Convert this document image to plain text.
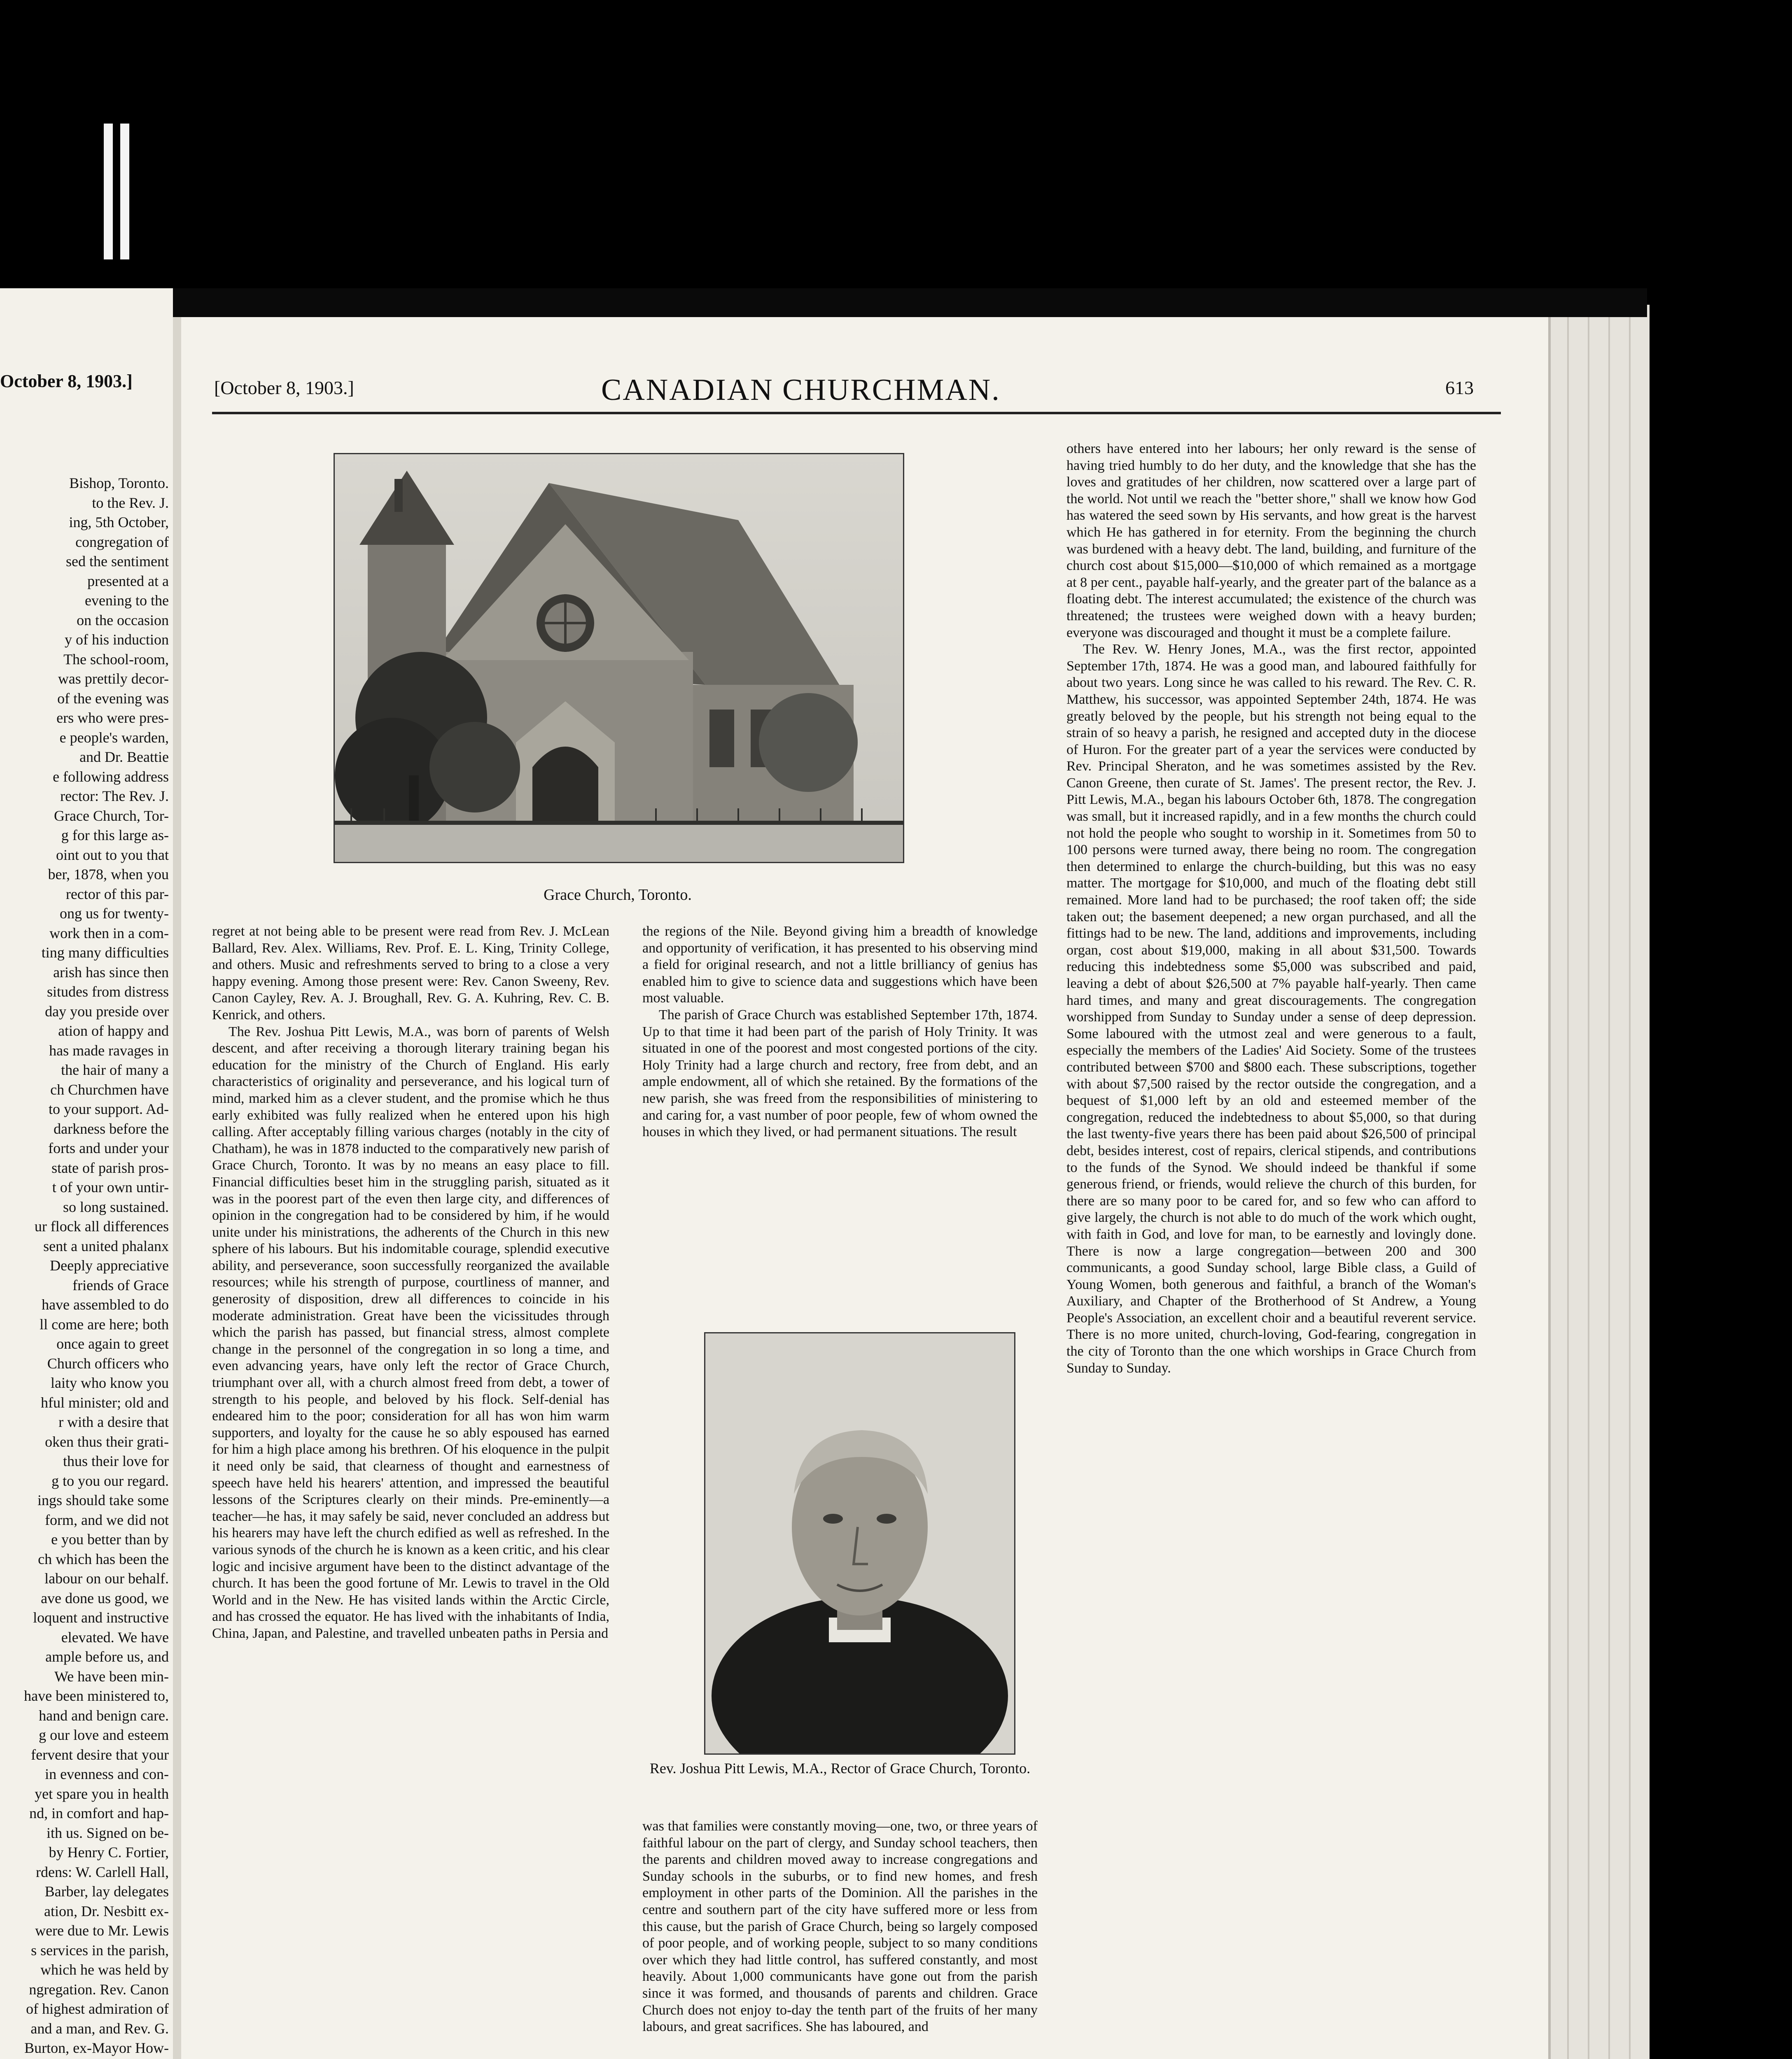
October 8, 1903.]
Bishop, Toronto.
to the Rev. J.
ing, 5th October,
congregation of
sed the sentiment
presented at a
evening to the
on the occasion
y of his induction
The school-room,
was prettily decor-
of the evening was
ers who were pres-
e people's warden,
and Dr. Beattie
e following address
rector: The Rev. J.
Grace Church, Tor-
g for this large as-
oint out to you that
ber, 1878, when you
rector of this par-
ong us for twenty-
work then in a com-
ting many difficulties
arish has since then
situdes from distress
day you preside over
ation of happy and
has made ravages in
the hair of many a
ch Churchmen have
to your support. Ad-
darkness before the
forts and under your
state of parish pros-
t of your own untir-
so long sustained.
ur flock all differences
sent a united phalanx
Deeply appreciative
friends of Grace
have assembled to do
ll come are here; both
once again to greet
Church officers who
laity who know you
hful minister; old and
r with a desire that
oken thus their grati-
thus their love for
g to you our regard.
ings should take some
form, and we did not
e you better than by
ch which has been the
labour on our behalf.
ave done us good, we
loquent and instructive
elevated. We have
ample before us, and
We have been min-
have been ministered to,
hand and benign care.
g our love and esteem
fervent desire that your
in evenness and con-
yet spare you in health
nd, in comfort and hap-
ith us. Signed on be-
by Henry C. Fortier,
rdens: W. Carlell Hall,
Barber, lay delegates
ation, Dr. Nesbitt ex-
were due to Mr. Lewis
s services in the parish,
which he was held by
ngregation. Rev. Canon
of highest admiration of
and a man, and Rev. G.
Burton, ex-Mayor How-
[October 8, 1903.]	CANADIAN CHURCHMAN.	613
Grace Church, Toronto.

regret at not being able to be present were read from Rev. J. McLean Ballard, Rev. Alex. Williams, Rev. Prof. E. L. King, Trinity College, and others. Music and refreshments served to bring to a close a very happy evening. Among those present were: Rev. Canon Sweeny, Rev. Canon Cayley, Rev. A. J. Broughall, Rev. G. A. Kuhring, Rev. C. B. Kenrick, and others.

The Rev. Joshua Pitt Lewis, M.A., was born of parents of Welsh descent, and after receiving a thorough literary training began his education for the ministry of the Church of England. His early characteristics of originality and perseverance, and his logical turn of mind, marked him as a clever student, and the promise which he thus early exhibited was fully realized when he entered upon his high calling. After acceptably filling various charges (notably in the city of Chatham), he was in 1878 inducted to the comparatively new parish of Grace Church, Toronto. It was by no means an easy place to fill. Financial difficulties beset him in the struggling parish, situated as it was in the poorest part of the even then large city, and differences of opinion in the congregation had to be considered by him, if he would unite under his ministrations, the adherents of the Church in this new sphere of his labours. But his indomitable courage, splendid executive ability, and perseverance, soon successfully reorganized the available resources; while his strength of purpose, courtliness of manner, and generosity of disposition, drew all differences to coincide in his moderate administration. Great have been the vicissitudes through which the parish has passed, but financial stress, almost complete change in the personnel of the congregation in so long a time, and even advancing years, have only left the rector of Grace Church, triumphant over all, with a church almost freed from debt, a tower of strength to his people, and beloved by his flock. Self-denial has endeared him to the poor; consideration for all has won him warm supporters, and loyalty for the cause he so ably espoused has earned for him a high place among his brethren. Of his eloquence in the pulpit it need only be said, that clearness of thought and earnestness of speech have held his hearers' attention, and impressed the beautiful lessons of the Scriptures clearly on their minds. Pre-eminently—a teacher—he has, it may safely be said, never concluded an address but his hearers may have left the church edified as well as refreshed. In the various synods of the church he is known as a keen critic, and his clear logic and incisive argument have been to the distinct advantage of the church. It has been the good fortune of Mr. Lewis to travel in the Old World and in the New. He has visited lands within the Arctic Circle, and has crossed the equator. He has lived with the inhabitants of India, China, Japan, and Palestine, and travelled unbeaten paths in Persia and

the regions of the Nile. Beyond giving him a breadth of knowledge and opportunity of verification, it has presented to his observing mind a field for original research, and not a little brilliancy of genius has enabled him to give to science data and suggestions which have been most valuable.

The parish of Grace Church was established September 17th, 1874. Up to that time it had been part of the parish of Holy Trinity. It was situated in one of the poorest and most congested portions of the city. Holy Trinity had a large church and rectory, free from debt, and an ample endowment, all of which she retained. By the formations of the new parish, she was freed from the responsibilities of ministering to and caring for, a vast number of poor people, few of whom owned the houses in which they lived, or had permanent situations. The result

Rev. Joshua Pitt Lewis, M.A., Rector of Grace Church, Toronto.

was that families were constantly moving—one, two, or three years of faithful labour on the part of clergy, and Sunday school teachers, then the parents and children moved away to increase congregations and Sunday schools in the suburbs, or to find new homes, and fresh employment in other parts of the Dominion. All the parishes in the centre and southern part of the city have suffered more or less from this cause, but the parish of Grace Church, being so largely composed of poor people, and of working people, subject to so many conditions over which they had little control, has suffered constantly, and most heavily. About 1,000 communicants have gone out from the parish since it was formed, and thousands of parents and children. Grace Church does not enjoy to-day the tenth part of the fruits of her many labours, and great sacrifices. She has laboured, and

others have entered into her labours; her only reward is the sense of having tried humbly to do her duty, and the knowledge that she has the loves and gratitudes of her children, now scattered over a large part of the world. Not until we reach the "better shore," shall we know how God has watered the seed sown by His servants, and how great is the harvest which He has gathered in for eternity. From the beginning the church was burdened with a heavy debt. The land, building, and furniture of the church cost about $15,000—$10,000 of which remained as a mortgage at 8 per cent., payable half-yearly, and the greater part of the balance as a floating debt. The interest accumulated; the existence of the church was threatened; the trustees were weighed down with a heavy burden; everyone was discouraged and thought it must be a complete failure.

The Rev. W. Henry Jones, M.A., was the first rector, appointed September 17th, 1874. He was a good man, and laboured faithfully for about two years. Long since he was called to his reward. The Rev. C. R. Matthew, his successor, was appointed September 24th, 1874. He was greatly beloved by the people, but his strength not being equal to the strain of so heavy a parish, he resigned and accepted duty in the diocese of Huron. For the greater part of a year the services were conducted by Rev. Principal Sheraton, and he was sometimes assisted by the Rev. Canon Greene, then curate of St. James'. The present rector, the Rev. J. Pitt Lewis, M.A., began his labours October 6th, 1878. The congregation was small, but it increased rapidly, and in a few months the church could not hold the people who sought to worship in it. Sometimes from 50 to 100 persons were turned away, there being no room. The congregation then determined to enlarge the church-building, but this was no easy matter. The mortgage for $10,000, and much of the floating debt still remained. More land had to be purchased; the roof taken off; the side taken out; the basement deepened; a new organ purchased, and all the fittings had to be new. The land, additions and improvements, including organ, cost about $19,000, making in all about $31,500. Towards reducing this indebtedness some $5,000 was subscribed and paid, leaving a debt of about $26,500 at 7% payable half-yearly. Then came hard times, and many and great discouragements. The congregation worshipped from Sunday to Sunday under a sense of deep depression. Some laboured with the utmost zeal and were generous to a fault, especially the members of the Ladies' Aid Society. Some of the trustees contributed between $700 and $800 each. These subscriptions, together with about $7,500 raised by the rector outside the congregation, and a bequest of $1,000 left by an old and esteemed member of the congregation, reduced the indebtedness to about $5,000, so that during the last twenty-five years there has been paid about $26,500 of principal debt, besides interest, cost of repairs, clerical stipends, and contributions to the funds of the Synod. We should indeed be thankful if some generous friend, or friends, would relieve the church of this burden, for there are so many poor to be cared for, and so few who can afford to give largely, the church is not able to do much of the work which ought, with faith in God, and love for man, to be earnestly and lovingly done. There is now a large congregation—between 200 and 300 communicants, a good Sunday school, large Bible class, a Guild of Young Women, both generous and faithful, a branch of the Woman's Auxiliary, and Chapter of the Brotherhood of St Andrew, a Young People's Association, an excellent choir and a beautiful reverent service. There is no more united, church-loving, God-fearing, congregation in the city of Toronto than the one which worships in Grace Church from Sunday to Sunday.
